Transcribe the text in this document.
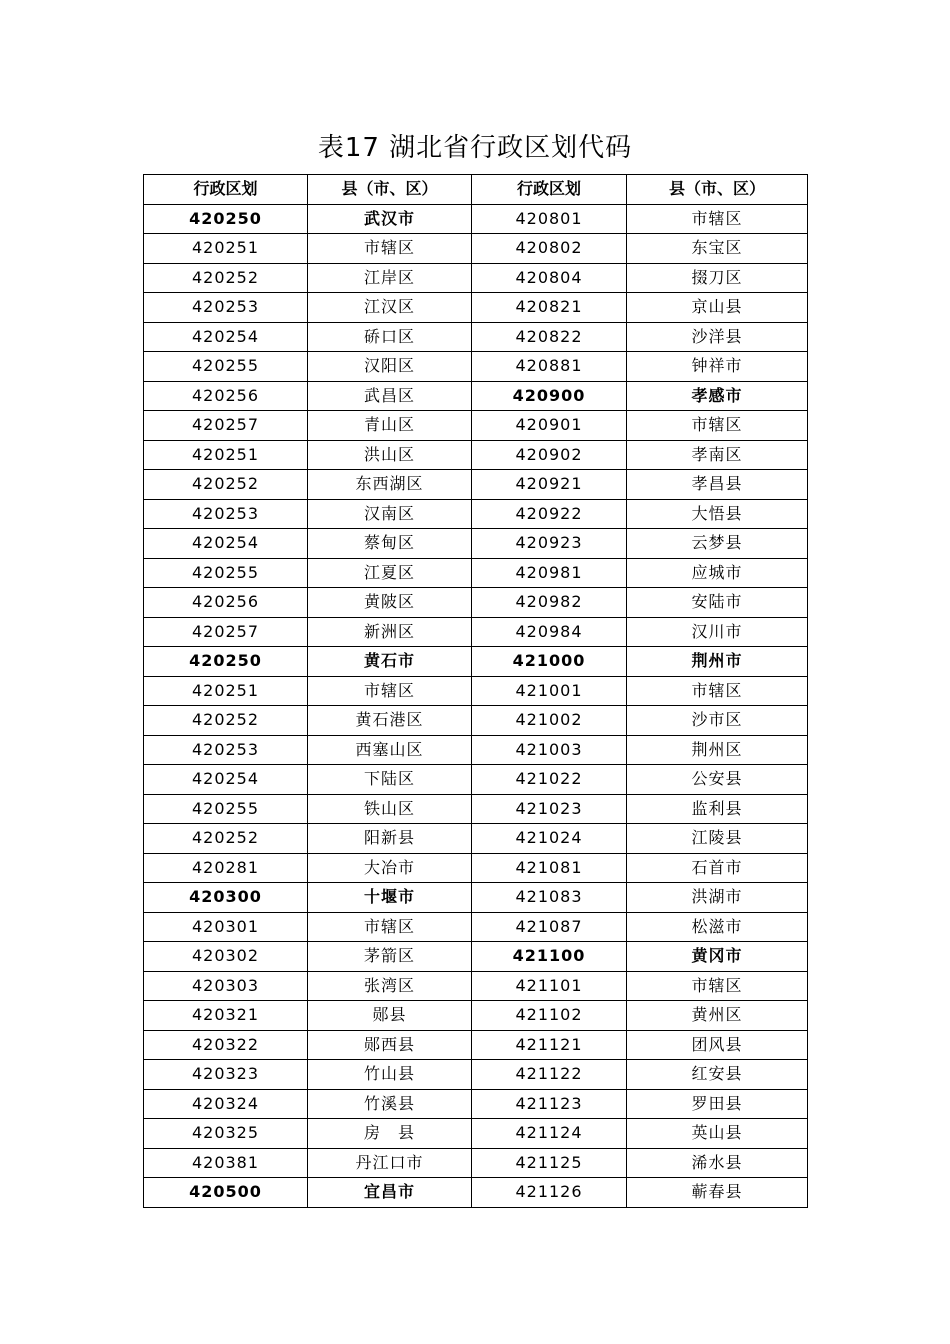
表17 湖北省行政区划代码
行政区划	县（市、区）	行政区划	县（市、区）
420250	武汉市	420801	市辖区
420251	市辖区	420802	东宝区
420252	江岸区	420804	掇刀区
420253	江汉区	420821	京山县
420254	硚口区	420822	沙洋县
420255	汉阳区	420881	钟祥市
420256	武昌区	420900	孝感市
420257	青山区	420901	市辖区
420251	洪山区	420902	孝南区
420252	东西湖区	420921	孝昌县
420253	汉南区	420922	大悟县
420254	蔡甸区	420923	云梦县
420255	江夏区	420981	应城市
420256	黄陂区	420982	安陆市
420257	新洲区	420984	汉川市
420250	黄石市	421000	荆州市
420251	市辖区	421001	市辖区
420252	黄石港区	421002	沙市区
420253	西塞山区	421003	荆州区
420254	下陆区	421022	公安县
420255	铁山区	421023	监利县
420252	阳新县	421024	江陵县
420281	大冶市	421081	石首市
420300	十堰市	421083	洪湖市
420301	市辖区	421087	松滋市
420302	茅箭区	421100	黄冈市
420303	张湾区	421101	市辖区
420321	郧县	421102	黄州区
420322	郧西县	421121	团风县
420323	竹山县	421122	红安县
420324	竹溪县	421123	罗田县
420325	房　县	421124	英山县
420381	丹江口市	421125	浠水县
420500	宜昌市	421126	蕲春县
